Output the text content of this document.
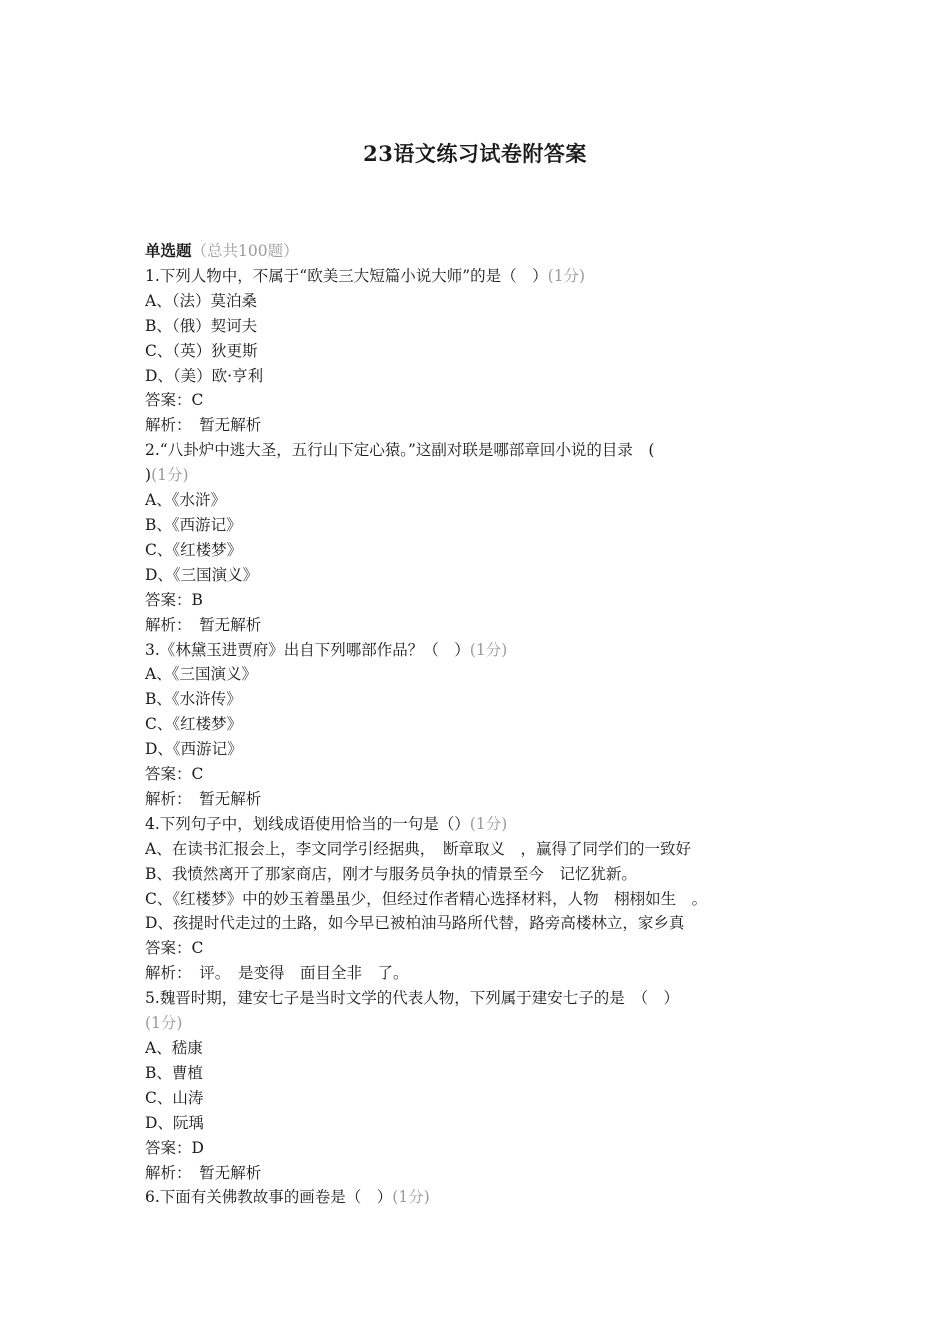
23语文练习试卷附答案
单选题（总共100题）
1.下列人物中，不属于“欧美三大短篇小说大师”的是（　）(1分)
A、（法）莫泊桑
B、（俄）契诃夫
C、（英）狄更斯
D、（美）欧·亨利
答案：C
解析：　暂无解析
2.“八卦炉中逃大圣，五行山下定心猿。”这副对联是哪部章回小说的目录　(
)(1分)
A、《水浒》
B、《西游记》
C、《红楼梦》
D、《三国演义》
答案：B
解析：　暂无解析
3.《林黛玉进贾府》出自下列哪部作品？（　）(1分)
A、《三国演义》
B、《水浒传》
C、《红楼梦》
D、《西游记》
答案：C
解析：　暂无解析
4.下列句子中，划线成语使用恰当的一句是（）(1分)
A、在读书汇报会上，李文同学引经据典，　断章取义　，赢得了同学们的一致好
B、我愤然离开了那家商店，刚才与服务员争执的情景至今　记忆犹新。
C、《红楼梦》中的妙玉着墨虽少，但经过作者精心选择材料，人物　栩栩如生　。
D、孩提时代走过的土路，如今早已被柏油马路所代替，路旁高楼林立，家乡真
答案：C
解析：　评。　是变得　面目全非　了。
5.魏晋时期，建安七子是当时文学的代表人物，下列属于建安七子的是　（　）
(1分)
A、嵇康
B、曹植
C、山涛
D、阮瑀
答案：D
解析：　暂无解析
6.下面有关佛教故事的画卷是（　）(1分)
